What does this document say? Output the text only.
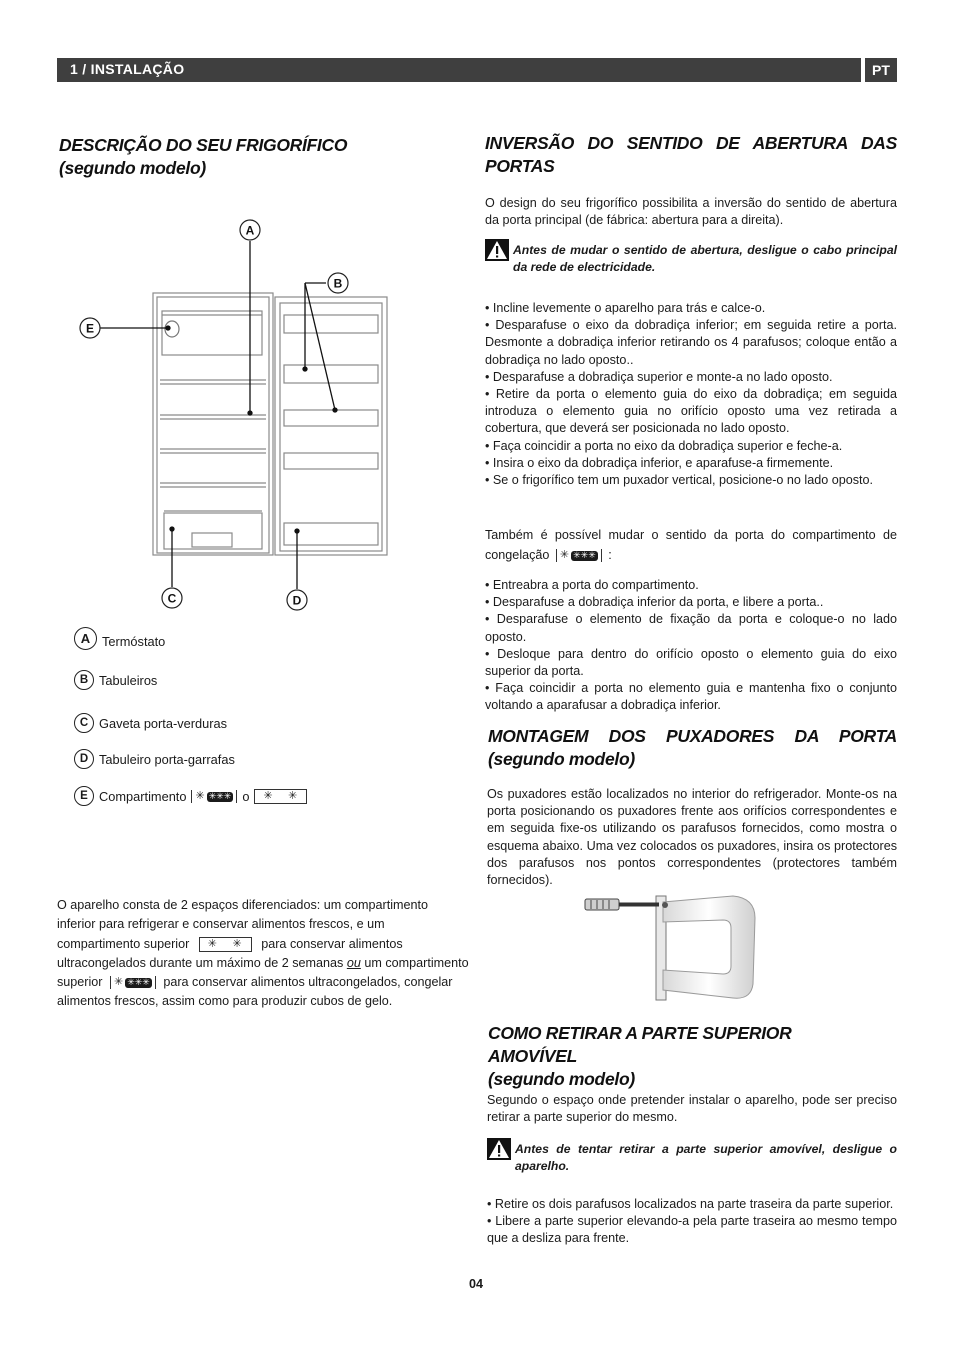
1 / INSTALAÇÃO	PT
DESCRIÇÃO DO SEU FRIGORÍFICO
(segundo modelo)
A
B
C	D
E
A Termóstato
B Tabuleiros
C Gaveta porta-verduras
D Tabuleiro porta-garrafas
E Compartimento ✳ ✳✳✳ o	✳ ✳
O aparelho consta de 2 espaços diferenciados: um compartimento inferior para refrigerar e conservar alimentos frescos, e um compartimento superior ✳ ✳ para conservar alimentos ultracongelados durante um máximo de 2 semanas ou um compartimento superior ✳ ✳✳✳ para conservar alimentos ultracongelados, congelar alimentos frescos, assim como para produzir cubos de gelo.
INVERSÃO DO SENTIDO DE ABERTURA DAS PORTAS
O design do seu frigorífico possibilita a inversão do sentido de abertura da porta principal (de fábrica: abertura para a direita).
Antes de mudar o sentido de abertura, desligue o cabo principal da rede de electricidade.

• Incline levemente o aparelho para trás e calce-o.

• Desparafuse o eixo da dobradiça inferior; em seguida retire a porta. Desmonte a dobradiça inferior retirando os 4 parafusos; coloque então a dobradiça no lado oposto..

• Desparafuse a dobradiça superior e monte-a no lado oposto.

• Retire da porta o elemento guia do eixo da dobradiça; em seguida introduza o elemento guia no orifício oposto uma vez retirada a cobertura, que deverá ser posicionada no lado oposto.

• Faça coincidir a porta no eixo da dobradiça superior e feche-a.

• Insira o eixo da dobradiça inferior, e aparafuse-a firmemente.

• Se o frigorífico tem um puxador vertical, posicione-o no lado oposto.

Também é possível mudar o sentido da porta do compartimento de congelação ✳ ✳✳✳ :

• Entreabra a porta do compartimento.

• Desparafuse a dobradiça inferior da porta, e libere a porta..

• Desparafuse o elemento de fixação da porta e coloque-o no lado oposto.

• Desloque para dentro do orifício oposto o elemento guia do eixo superior da porta.

• Faça coincidir a porta no elemento guia e mantenha fixo o conjunto voltando a aparafusar a dobradiça inferior.

MONTAGEM DOS PUXADORES DA PORTA
(segundo modelo)
Os puxadores estão localizados no interior do refrigerador. Monte-os na porta posicionando os puxadores frente aos orifícios correspondentes e em seguida fixe-os utilizando os parafusos fornecidos, como mostra o esquema abaixo. Uma vez colocados os puxadores, insira os protectores dos parafusos nos pontos correspondentes (protectores também fornecidos).
COMO RETIRAR A PARTE SUPERIOR
AMOVÍVEL
(segundo modelo)
Segundo o espaço onde pretender instalar o aparelho, pode ser preciso retirar a parte superior do mesmo.
Antes de tentar retirar a parte superior amovível, desligue o aparelho.

• Retire os dois parafusos localizados na parte traseira da parte superior.

• Libere a parte superior elevando-a pela parte traseira ao mesmo tempo que a desliza para frente.

04
